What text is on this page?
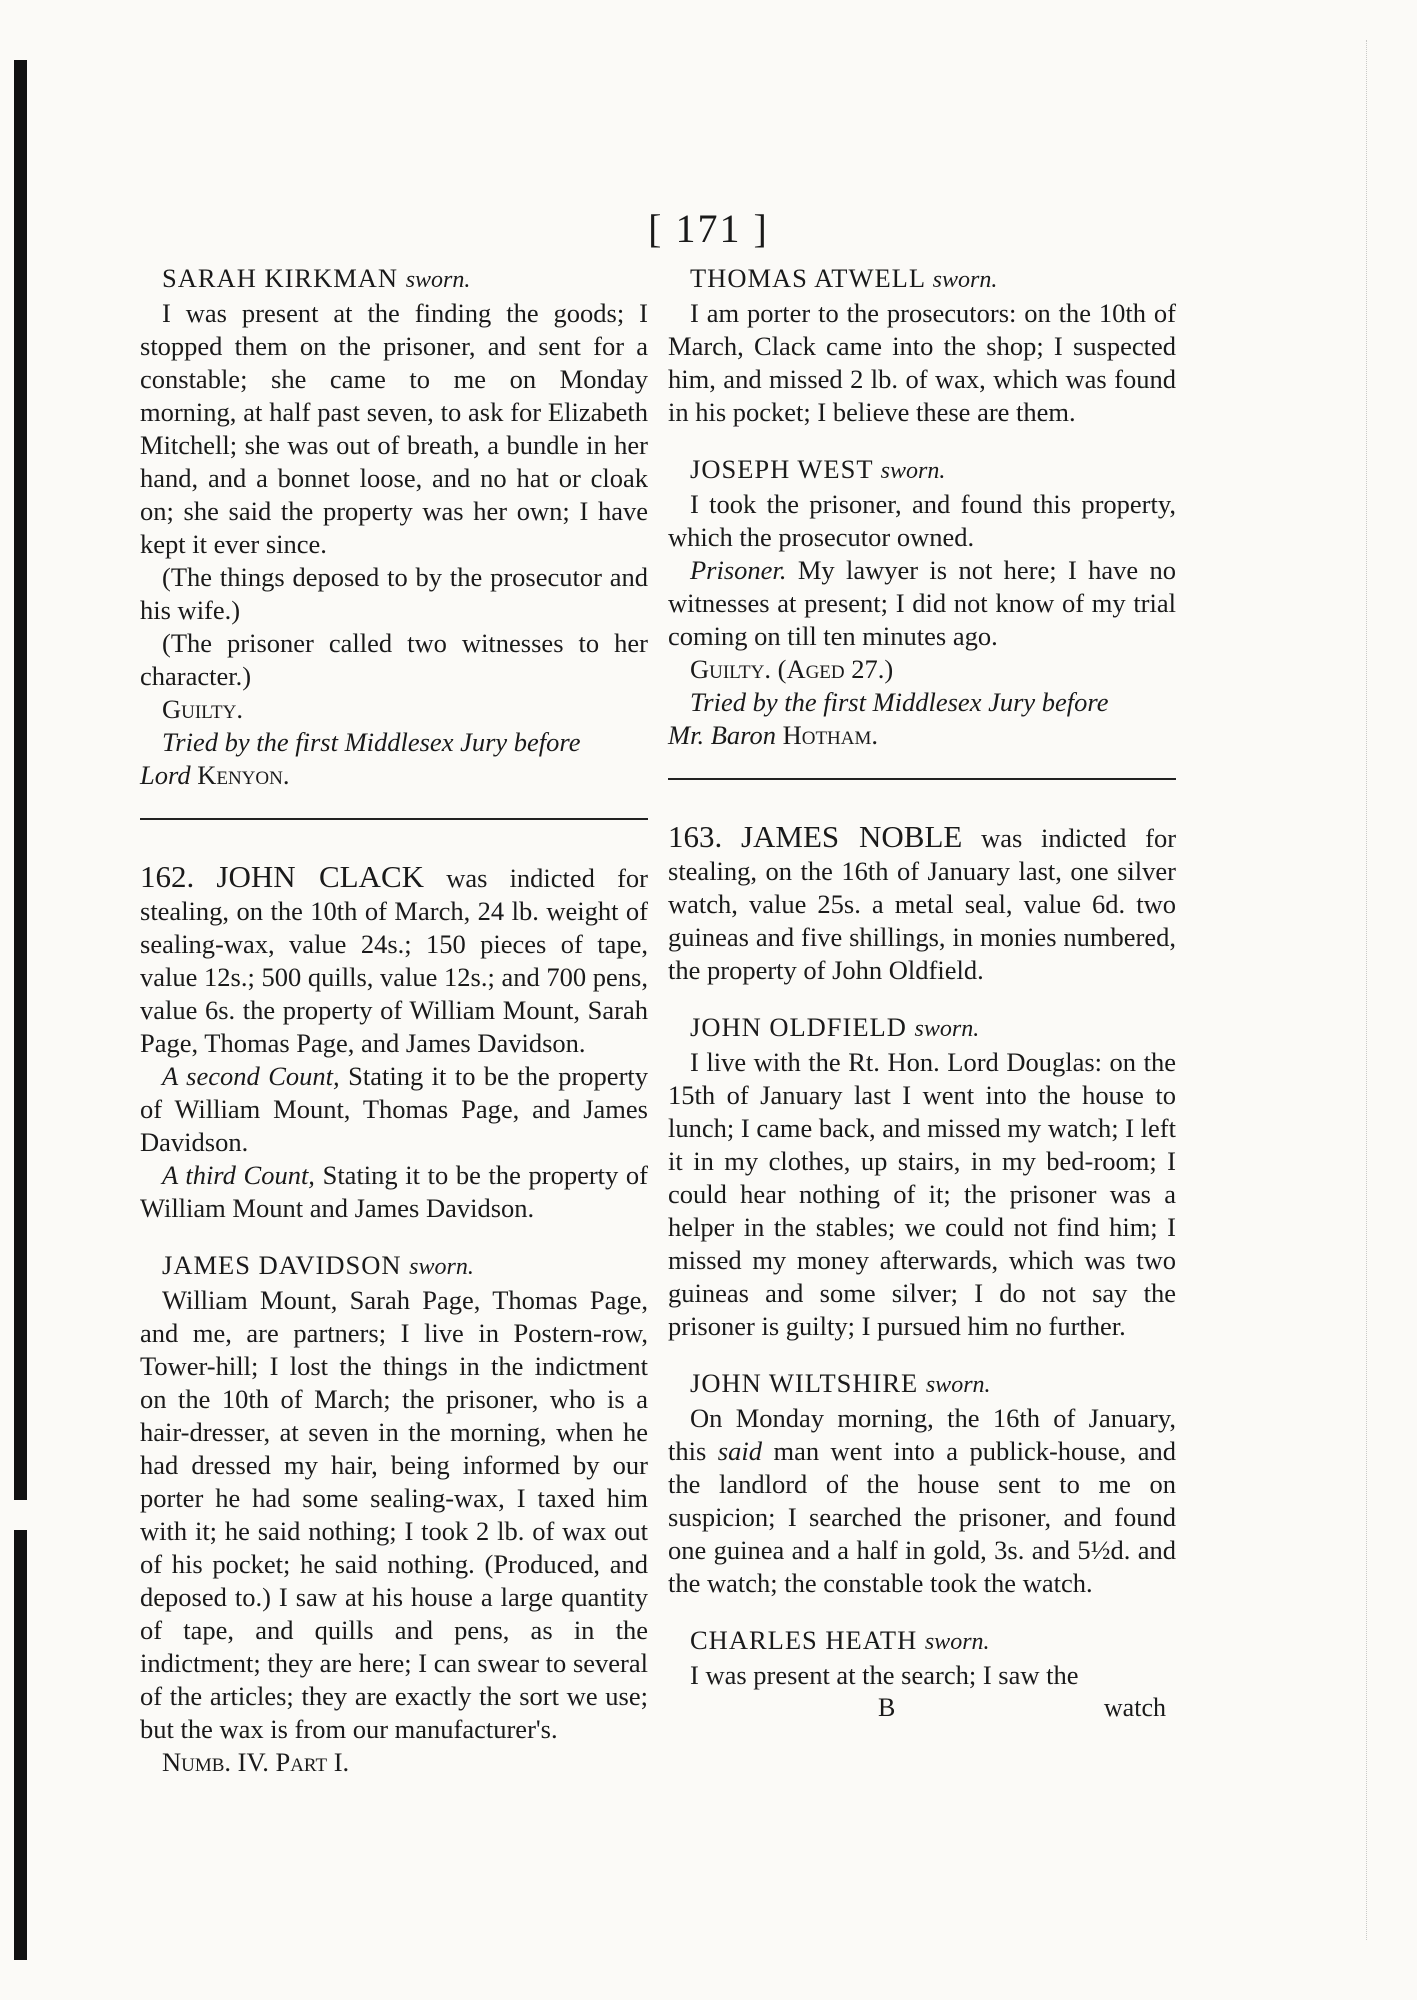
[ 171 ]

SARAH KIRKMAN sworn.

I was present at the finding the goods; I stopped them on the prisoner, and sent for a constable; she came to me on Monday morning, at half past seven, to ask for Elizabeth Mitchell; she was out of breath, a bundle in her hand, and a bonnet loose, and no hat or cloak on; she said the property was her own; I have kept it ever since.

(The things deposed to by the prosecutor and his wife.)

(The prisoner called two witnesses to her character.)

Guilty.

Tried by the first Middlesex Jury before
Lord Kenyon.

162. JOHN CLACK was indicted for stealing, on the 10th of March, 24 lb. weight of sealing-wax, value 24s.; 150 pieces of tape, value 12s.; 500 quills, value 12s.; and 700 pens, value 6s. the property of William Mount, Sarah Page, Thomas Page, and James Davidson.

A second Count, Stating it to be the property of William Mount, Thomas Page, and James Davidson.

A third Count, Stating it to be the property of William Mount and James Davidson.

JAMES DAVIDSON sworn.

William Mount, Sarah Page, Thomas Page, and me, are partners; I live in Postern-row, Tower-hill; I lost the things in the indictment on the 10th of March; the prisoner, who is a hair-dresser, at seven in the morning, when he had dressed my hair, being informed by our porter he had some sealing-wax, I taxed him with it; he said nothing; I took 2 lb. of wax out of his pocket; he said nothing. (Produced, and deposed to.) I saw at his house a large quantity of tape, and quills and pens, as in the indictment; they are here; I can swear to several of the articles; they are exactly the sort we use; but the wax is from our manufacturer's.

Numb. IV. Part I.

THOMAS ATWELL sworn.

I am porter to the prosecutors: on the 10th of March, Clack came into the shop; I suspected him, and missed 2 lb. of wax, which was found in his pocket; I believe these are them.

JOSEPH WEST sworn.

I took the prisoner, and found this property, which the prosecutor owned.

Prisoner. My lawyer is not here; I have no witnesses at present; I did not know of my trial coming on till ten minutes ago.

Guilty. (Aged 27.)

Tried by the first Middlesex Jury before
Mr. Baron Hotham.

163. JAMES NOBLE was indicted for stealing, on the 16th of January last, one silver watch, value 25s. a metal seal, value 6d. two guineas and five shillings, in monies numbered, the property of John Oldfield.

JOHN OLDFIELD sworn.

I live with the Rt. Hon. Lord Douglas: on the 15th of January last I went into the house to lunch; I came back, and missed my watch; I left it in my clothes, up stairs, in my bed-room; I could hear nothing of it; the prisoner was a helper in the stables; we could not find him; I missed my money afterwards, which was two guineas and some silver; I do not say the prisoner is guilty; I pursued him no further.

JOHN WILTSHIRE sworn.

On Monday morning, the 16th of January, this said man went into a publick-house, and the landlord of the house sent to me on suspicion; I searched the prisoner, and found one guinea and a half in gold, 3s. and 5½d. and the watch; the constable took the watch.

CHARLES HEATH sworn.

I was present at the search; I saw the

B	watch
